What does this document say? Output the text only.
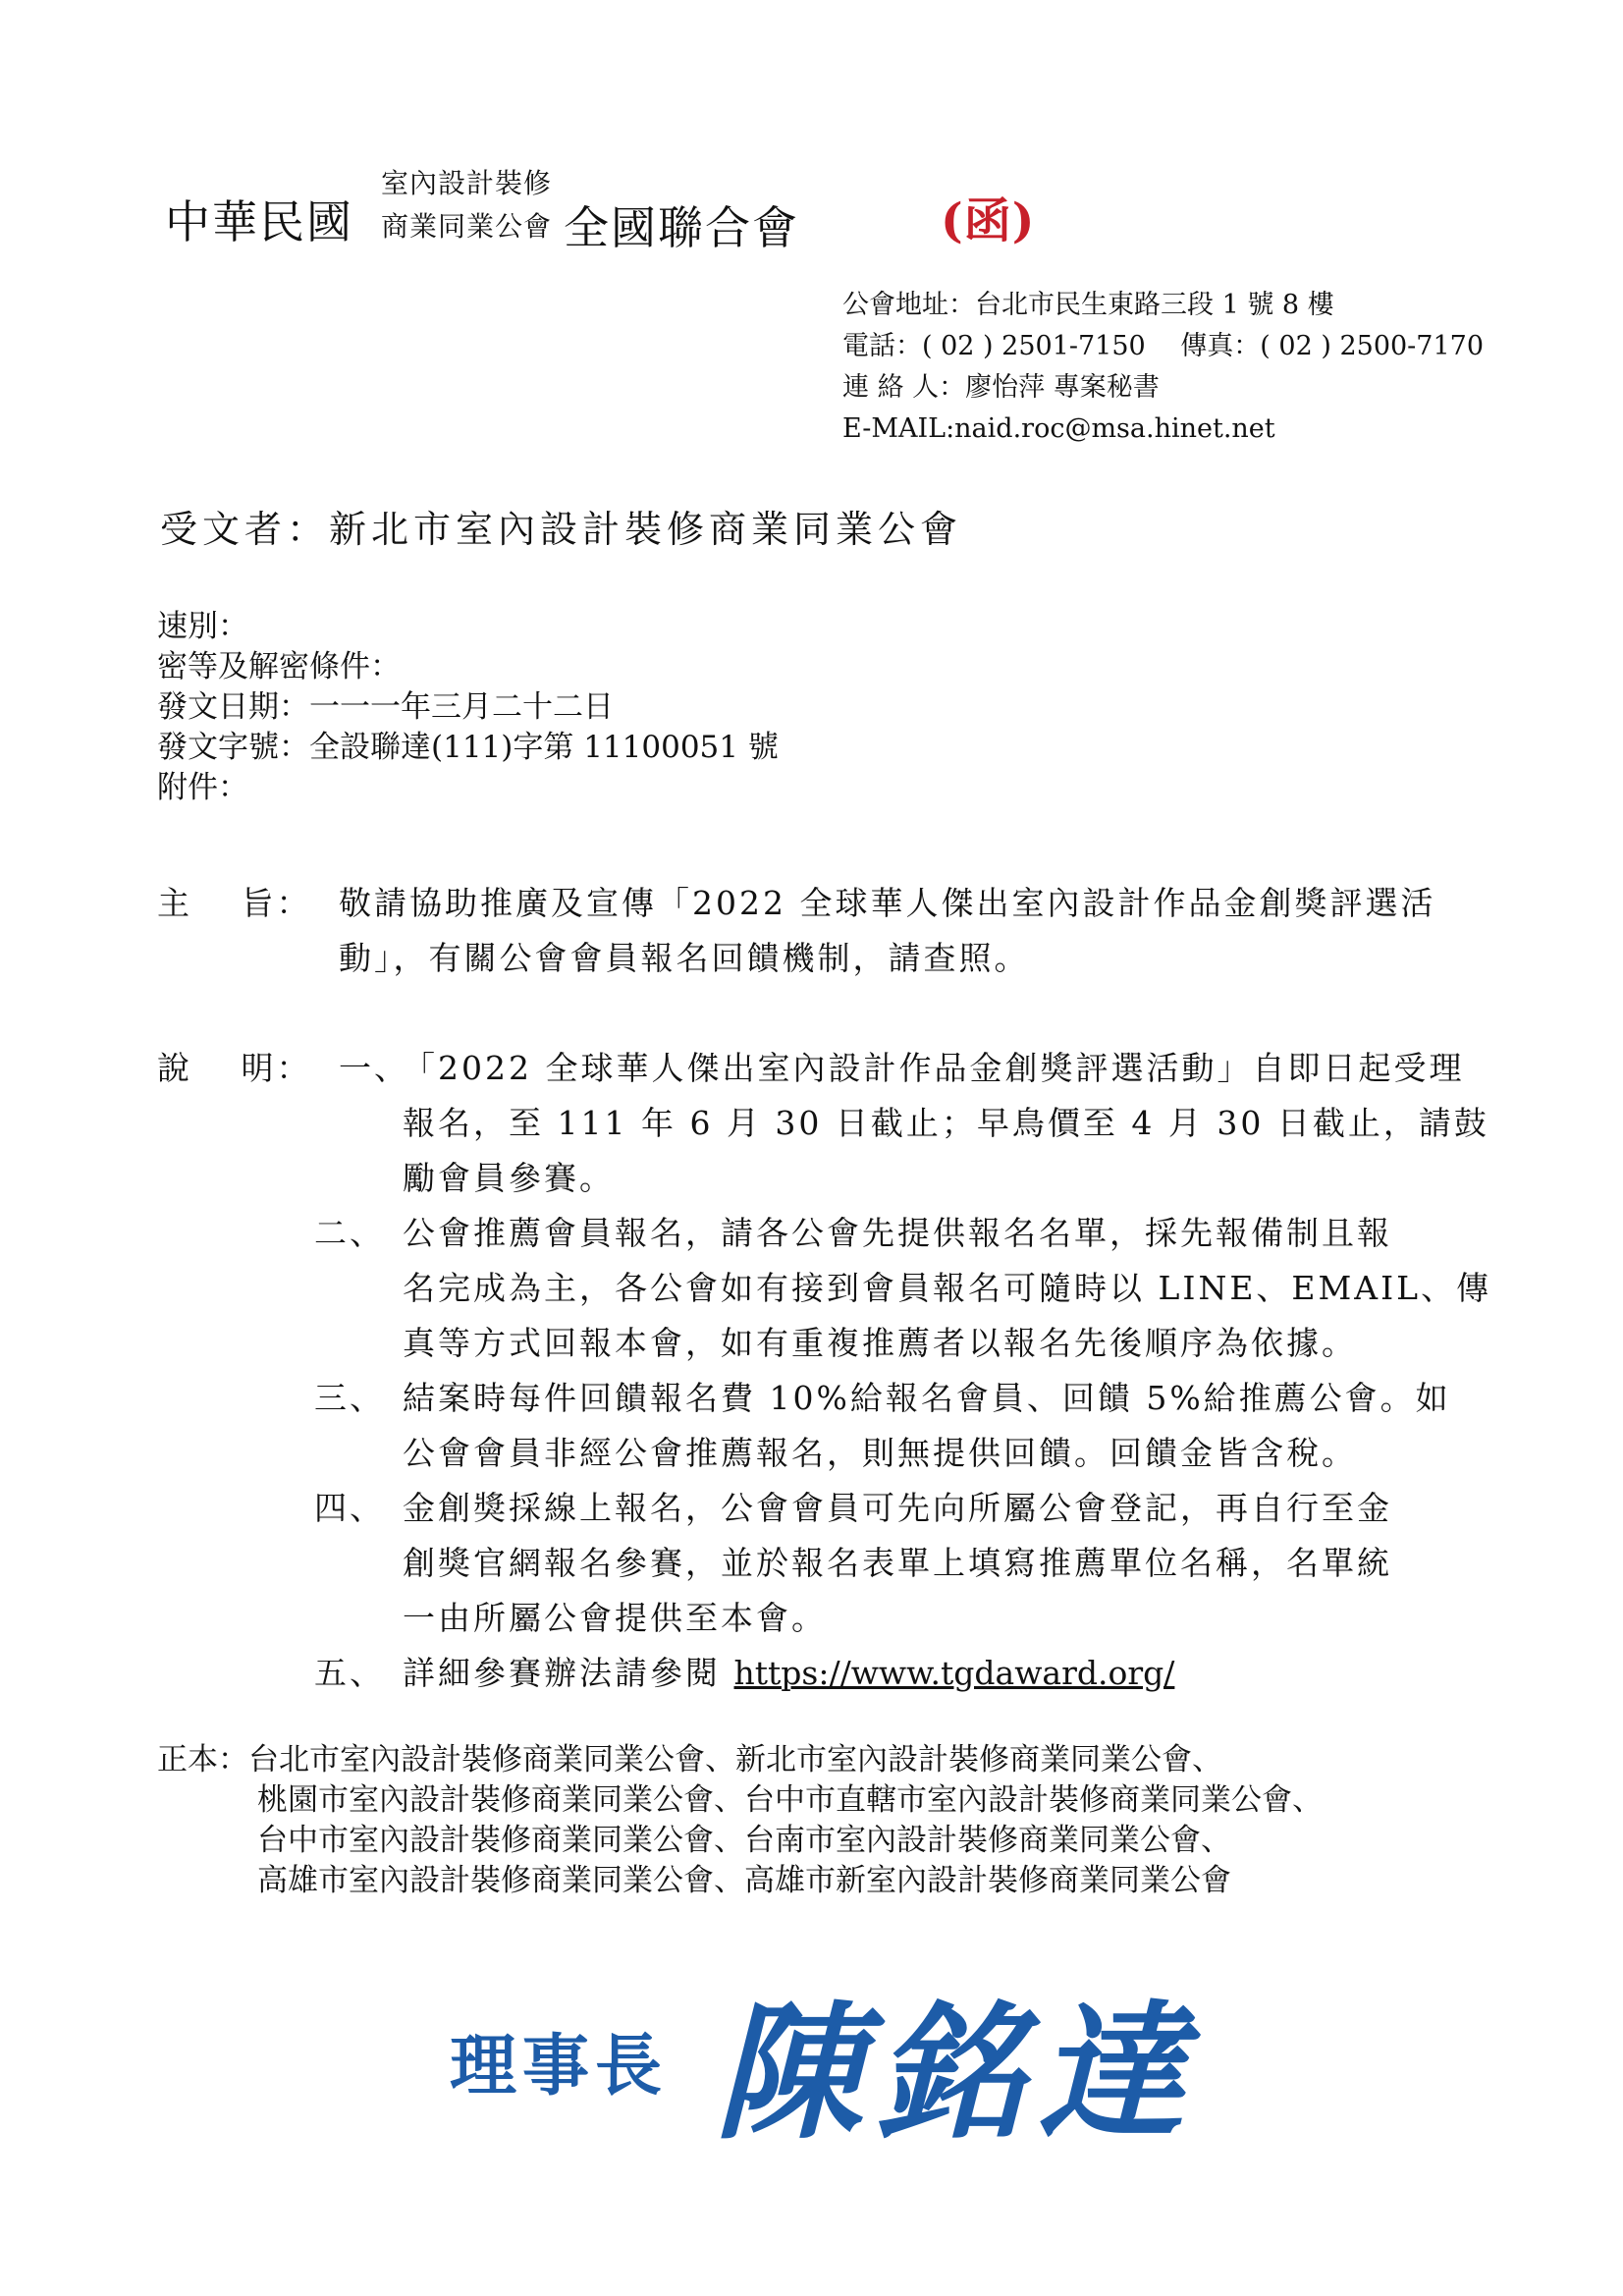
中華民國
室內設計裝修
商業同業公會 全國聯合會	(函)
公會地址：台北市民生東路三段 1 號 8 樓
電話：( 02 ) 2501-7150　 傳真：( 02 ) 2500-7170
連 絡 人：廖怡萍 專案秘書
E-MAIL:naid.roc@msa.hinet.net
受文者：新北市室內設計裝修商業同業公會
速別：
密等及解密條件：
發文日期：一一一年三月二十二日
發文字號：全設聯達(111)字第 11100051 號
附件：
主　 旨： 敬請協助推廣及宣傳「2022 全球華人傑出室內設計作品金創獎評選活
動」，有關公會會員報名回饋機制，請查照。
說　 明： 一、「2022 全球華人傑出室內設計作品金創獎評選活動」自即日起受理
報名，至 111 年 6 月 30 日截止；早鳥價至 4 月 30 日截止，請鼓
勵會員參賽。
二、 公會推薦會員報名，請各公會先提供報名名單，採先報備制且報
名完成為主，各公會如有接到會員報名可隨時以 LINE、EMAIL、傳
真等方式回報本會，如有重複推薦者以報名先後順序為依據。
三、 結案時每件回饋報名費 10%給報名會員、回饋 5%給推薦公會。如
公會會員非經公會推薦報名，則無提供回饋。回饋金皆含稅。
四、 金創獎採線上報名，公會會員可先向所屬公會登記，再自行至金
創獎官網報名參賽，並於報名表單上填寫推薦單位名稱，名單統
一由所屬公會提供至本會。
五、 詳細參賽辦法請參閱 https://www.tgdaward.org/
正本：台北市室內設計裝修商業同業公會、新北市室內設計裝修商業同業公會、
桃園市室內設計裝修商業同業公會、台中市直轄市室內設計裝修商業同業公會、
台中市室內設計裝修商業同業公會、台南市室內設計裝修商業同業公會、
高雄市室內設計裝修商業同業公會、高雄市新室內設計裝修商業同業公會
理事長 陳銘達
